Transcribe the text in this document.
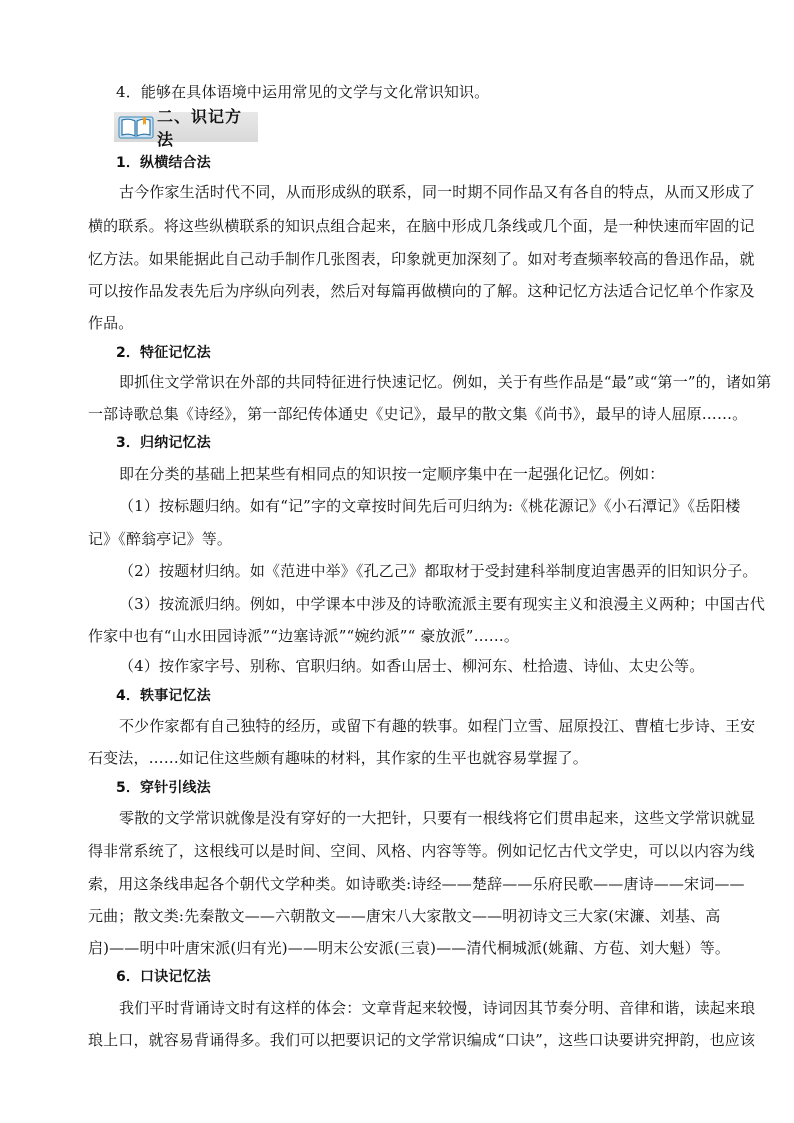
4．能够在具体语境中运用常见的文学与文化常识知识。
二、识记方法
1．纵横结合法
古今作家生活时代不同，从而形成纵的联系，同一时期不同作品又有各自的特点，从而又形成了
横的联系。将这些纵横联系的知识点组合起来，在脑中形成几条线或几个面，是一种快速而牢固的记
忆方法。如果能据此自己动手制作几张图表，印象就更加深刻了。如对考查频率较高的鲁迅作品，就
可以按作品发表先后为序纵向列表，然后对每篇再做横向的了解。这种记忆方法适合记忆单个作家及
作品。
2．特征记忆法
即抓住文学常识在外部的共同特征进行快速记忆。例如，关于有些作品是“最”或“第一”的，诸如第
一部诗歌总集《诗经》，第一部纪传体通史《史记》，最早的散文集《尚书》，最早的诗人屈原……。
3．归纳记忆法
即在分类的基础上把某些有相同点的知识按一定顺序集中在一起强化记忆。例如：
（1）按标题归纳。如有“记”字的文章按时间先后可归纳为:《桃花源记》《小石潭记》《岳阳楼
记》《醉翁亭记》等。
（2）按题材归纳。如《范进中举》《孔乙己》都取材于受封建科举制度迫害愚弄的旧知识分子。
（3）按流派归纳。例如，中学课本中涉及的诗歌流派主要有现实主义和浪漫主义两种；中国古代
作家中也有“山水田园诗派”“边塞诗派”“婉约派”“ 豪放派”……。
（4）按作家字号、别称、官职归纳。如香山居士、柳河东、杜拾遗、诗仙、太史公等。
4．轶事记忆法
不少作家都有自己独特的经历，或留下有趣的轶事。如程门立雪、屈原投江、曹植七步诗、王安
石变法，……如记住这些颇有趣味的材料，其作家的生平也就容易掌握了。
5．穿针引线法
零散的文学常识就像是没有穿好的一大把针，只要有一根线将它们贯串起来，这些文学常识就显
得非常系统了，这根线可以是时间、空间、风格、内容等等。例如记忆古代文学史，可以以内容为线
索，用这条线串起各个朝代文学种类。如诗歌类:诗经——楚辞——乐府民歌——唐诗——宋词——
元曲；散文类:先秦散文——六朝散文——唐宋八大家散文——明初诗文三大家(宋濂、刘基、高
启)——明中叶唐宋派(归有光)——明末公安派(三袁)——清代桐城派(姚鼐、方苞、刘大魁）等。
6．口诀记忆法
我们平时背诵诗文时有这样的体会：文章背起来较慢，诗词因其节奏分明、音律和谐，读起来琅
琅上口，就容易背诵得多。我们可以把要识记的文学常识编成“口诀”，这些口诀要讲究押韵，也应该
